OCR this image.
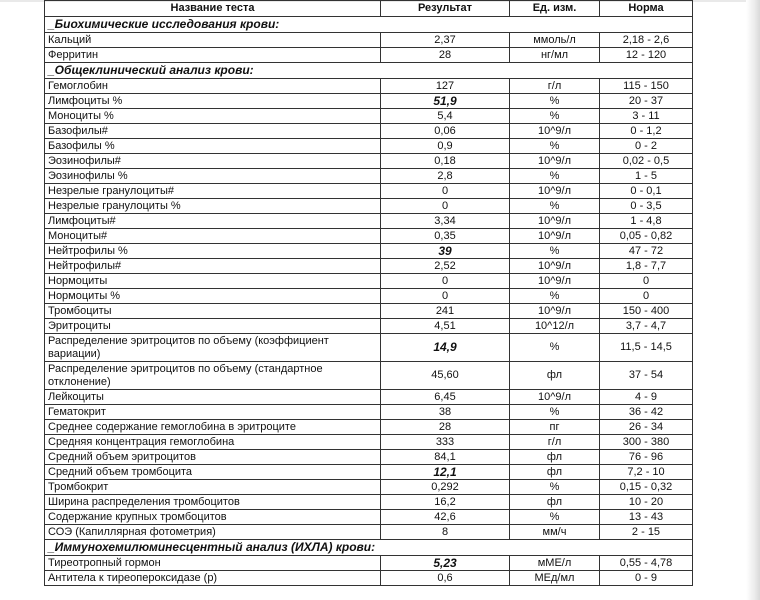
Название теста	Результат	Ед. изм.	Норма
_Биохимические исследования крови:			
Кальций	2,37	ммоль/л	2,18 - 2,6
Ферритин	28	нг/мл	12 - 120
_Общеклинический анализ крови:			
Гемоглобин	127	г/л	115 - 150
Лимфоциты %	51,9	%	20 - 37
Моноциты %	5,4	%	3 - 11
Базофилы#	0,06	10^9/л	0 - 1,2
Базофилы %	0,9	%	0 - 2
Эозинофилы#	0,18	10^9/л	0,02 - 0,5
Эозинофилы %	2,8	%	1 - 5
Незрелые гранулоциты#	0	10^9/л	0 - 0,1
Незрелые гранулоциты %	0	%	0 - 3,5
Лимфоциты#	3,34	10^9/л	1 - 4,8
Моноциты#	0,35	10^9/л	0,05 - 0,82
Нейтрофилы %	39	%	47 - 72
Нейтрофилы#	2,52	10^9/л	1,8 - 7,7
Нормоциты	0	10^9/л	0
Нормоциты %	0	%	0
Тромбоциты	241	10^9/л	150 - 400
Эритроциты	4,51	10^12/л	3,7 - 4,7
Распределение эритроцитов по объему (коэффициент вариации)	14,9	%	11,5 - 14,5
Распределение эритроцитов по объему (стандартное отклонение)	45,60	фл	37 - 54
Лейкоциты	6,45	10^9/л	4 - 9
Гематокрит	38	%	36 - 42
Среднее содержание гемоглобина в эритроците	28	пг	26 - 34
Средняя концентрация гемоглобина	333	г/л	300 - 380
Средний объем эритроцитов	84,1	фл	76 - 96
Средний объем тромбоцита	12,1	фл	7,2 - 10
Тромбокрит	0,292	%	0,15 - 0,32
Ширина распределения тромбоцитов	16,2	фл	10 - 20
Содержание крупных тромбоцитов	42,6	%	13 - 43
СОЭ (Капиллярная фотометрия)	8	мм/ч	2 - 15
_Иммунохемилюминесцентный анализ (ИХЛА) крови:			
Тиреотропный гормон	5,23	мМЕ/л	0,55 - 4,78
Антитела к тиреопероксидазе (р)	0,6	МЕд/мл	0 - 9
